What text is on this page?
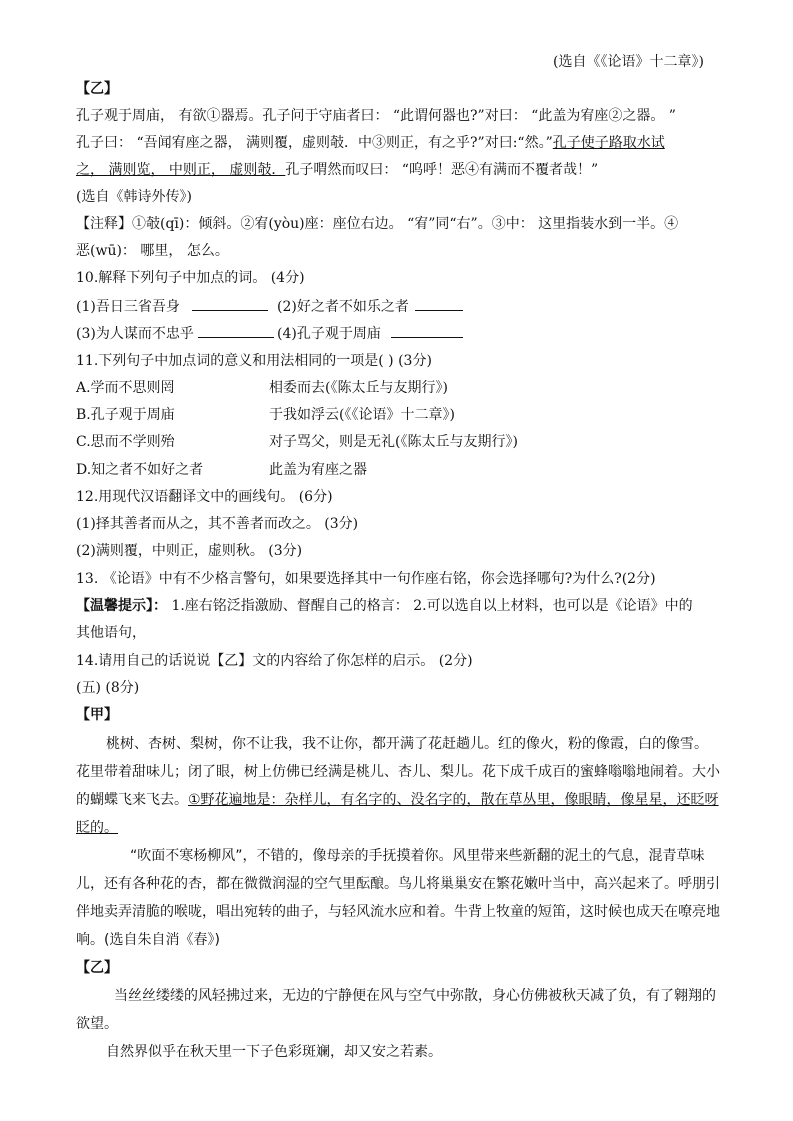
(选自《《论语》十二章》)
【乙】
孔子观于周庙， 有欲①器焉。孔子问于守庙者曰： “此谓何器也?”对曰： “此盖为宥座②之器。 ”
孔子曰： “吾闻宥座之器， 满则覆，虚则攲．中③则正，有之乎?”对曰:“然。”孔子使子路取水试
之， 满则览， 中则正， 虚则攲．孔子喟然而叹曰： “呜呼！恶④有满而不覆者哉！”
(选自《韩诗外传》)
【注释】①攲(qī)：倾斜。②宥(yòu)座：座位右边。 “宥”同“右”。③中： 这里指装水到一半。④
恶(wū)： 哪里， 怎么。
10.解释下列句子中加点的词。 (4分)
(1)吾日三省吾身	(2)好之者不如乐之者
(3)为人谋而不忠乎	(4)孔子观于周庙
11.下列句子中加点词的意义和用法相同的一项是( ) (3分)
A.学而不思则罔	相委而去(《陈太丘与友期行》)
B.孔子观于周庙	于我如浮云(《《论语》十二章》)
C.思而不学则殆	对子骂父，则是无礼(《陈太丘与友期行》)
D.知之者不如好之者	此盖为宥座之器
12.用现代汉语翻译文中的画线句。 (6分)
(1)择其善者而从之，其不善者而改之。 (3分)
(2)满则覆，中则正，虚则秋。 (3分)
13. 《论语》中有不少格言警句，如果要选择其中一句作座右铭，你会选择哪句?为什么?(2分)
【温馨提示】： 1.座右铭泛指激励、督醒自己的格言： 2.可以选自以上材料，也可以是《论语》中的
其他语句，
14.请用自己的话说说【乙】文的内容给了你怎样的启示。 (2分)
(五) (8分)
【甲】
桃树、杏树、梨树，你不让我，我不让你，都开满了花赶趟儿。红的像火，粉的像霞，白的像雪。
花里带着甜味儿；闭了眼，树上仿佛已经满是桃儿、杏儿、梨儿。花下成千成百的蜜蜂嗡嗡地闹着。大小
的蝴蝶飞来飞去。①野花遍地是：杂样儿，有名字的、没名字的，散在草丛里，像眼睛，像星星，还眨呀
眨的。
“吹面不寒杨柳风”，不错的，像母亲的手抚摸着你。风里带来些新翻的泥土的气息，混青草味
儿，还有各种花的杏，都在微微润湿的空气里酝酿。鸟儿将巢巢安在繁花嫩叶当中，高兴起来了。呼朋引
伴地卖弄清脆的喉咙，唱出宛转的曲子，与轻风流水应和着。牛背上牧童的短笛，这时候也成天在嘹亮地
响。(选自朱自消《春》)
【乙】
当丝丝缕缕的风轻拂过来，无边的宁静便在风与空气中弥散，身心仿佛被秋天减了负，有了翱翔的
欲望。
自然界似乎在秋天里一下子色彩斑斓，却又安之若素。
